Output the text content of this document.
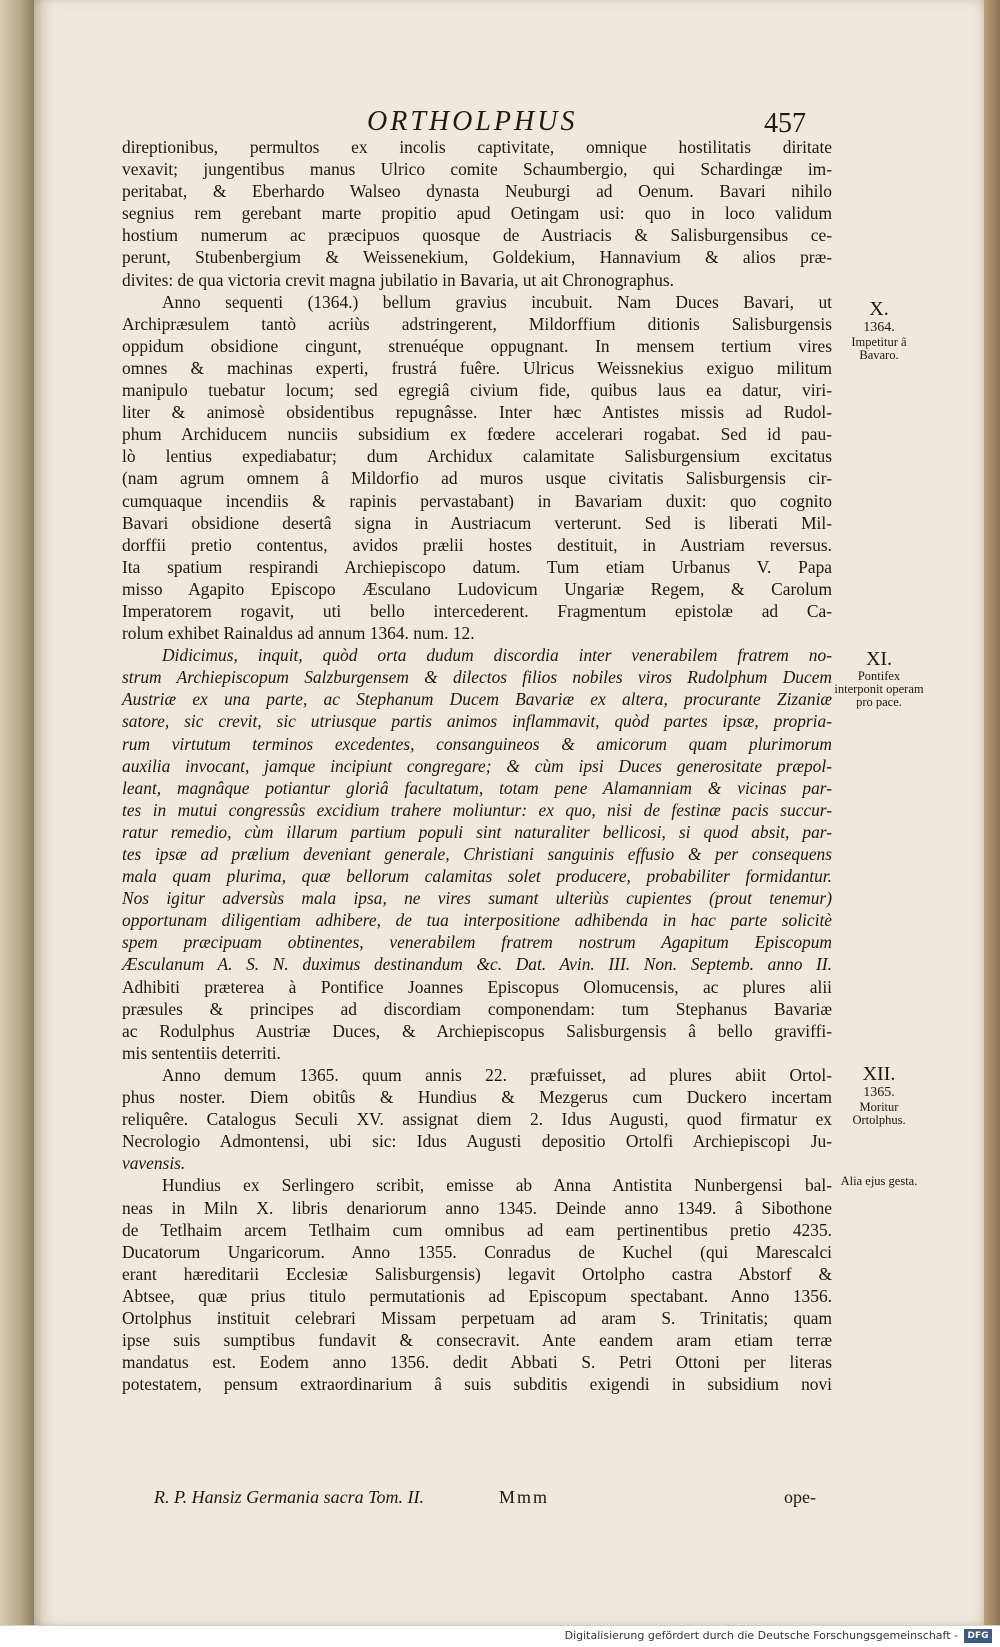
ORTHOLPHUS	457
direptionibus, permultos ex incolis captivitate, omnique hostilitatis diritate
vexavit; jungentibus manus Ulrico comite Schaumbergio, qui Schardingæ im-
peritabat, & Eberhardo Walseo dynasta Neuburgi ad Oenum. Bavari nihilo
segnius rem gerebant marte propitio apud Oetingam usi: quo in loco validum
hostium numerum ac præcipuos quosque de Austriacis & Salisburgensibus ce-
perunt, Stubenbergium & Weissenekium, Goldekium, Hannavium & alios præ-
divites: de qua victoria crevit magna jubilatio in Bavaria, ut ait Chronographus.
Anno sequenti (1364.) bellum gravius incubuit. Nam Duces Bavari, ut
Archipræsulem tantò acriùs adstringerent, Mildorffium ditionis Salisburgensis
oppidum obsidione cingunt, strenuéque oppugnant. In mensem tertium vires
omnes & machinas experti, frustrá fuêre. Ulricus Weissnekius exiguo militum
manipulo tuebatur locum; sed egregiâ civium fide, quibus laus ea datur, viri-
liter & animosè obsidentibus repugnâsse. Inter hæc Antistes missis ad Rudol-
phum Archiducem nunciis subsidium ex fœdere accelerari rogabat. Sed id pau-
lò lentius expediabatur; dum Archidux calamitate Salisburgensium excitatus
(nam agrum omnem â Mildorfio ad muros usque civitatis Salisburgensis cir-
cumquaque incendiis & rapinis pervastabant) in Bavariam duxit: quo cognito
Bavari obsidione desertâ signa in Austriacum verterunt. Sed is liberati Mil-
dorffii pretio contentus, avidos prælii hostes destituit, in Austriam reversus.
Ita spatium respirandi Archiepiscopo datum. Tum etiam Urbanus V. Papa
misso Agapito Episcopo Æsculano Ludovicum Ungariæ Regem, & Carolum
Imperatorem rogavit, uti bello intercederent. Fragmentum epistolæ ad Ca-
rolum exhibet Rainaldus ad annum 1364. num. 12.
Didicimus, inquit, quòd orta dudum discordia inter venerabilem fratrem no-
strum Archiepiscopum Salzburgensem & dilectos filios nobiles viros Rudolphum Ducem
Austriæ ex una parte, ac Stephanum Ducem Bavariæ ex altera, procurante Zizaniæ
satore, sic crevit, sic utriusque partis animos inflammavit, quòd partes ipsæ, propria-
rum virtutum terminos excedentes, consanguineos & amicorum quam plurimorum
auxilia invocant, jamque incipiunt congregare; & cùm ipsi Duces generositate præpol-
leant, magnâque potiantur gloriâ facultatum, totam pene Alamanniam & vicinas par-
tes in mutui congressûs excidium trahere moliuntur: ex quo, nisi de festinæ pacis succur-
ratur remedio, cùm illarum partium populi sint naturaliter bellicosi, si quod absit, par-
tes ipsæ ad prælium deveniant generale, Christiani sanguinis effusio & per consequens
mala quam plurima, quæ bellorum calamitas solet producere, probabiliter formidantur.
Nos igitur adversùs mala ipsa, ne vires sumant ulteriùs cupientes (prout tenemur)
opportunam diligentiam adhibere, de tua interpositione adhibenda in hac parte solicitè
spem præcipuam obtinentes, venerabilem fratrem nostrum Agapitum Episcopum
Æsculanum A. S. N. duximus destinandum &c. Dat. Avin. III. Non. Septemb. anno II.
Adhibiti præterea à Pontifice Joannes Episcopus Olomucensis, ac plures alii
præsules & principes ad discordiam componendam: tum Stephanus Bavariæ
ac Rodulphus Austriæ Duces, & Archiepiscopus Salisburgensis â bello graviffi-
mis sententiis deterriti.
Anno demum 1365. quum annis 22. præfuisset, ad plures abiit Ortol-
phus noster. Diem obitûs & Hundius & Mezgerus cum Duckero incertam
reliquêre. Catalogus Seculi XV. assignat diem 2. Idus Augusti, quod firmatur ex
Necrologio Admontensi, ubi sic: Idus Augusti depositio Ortolfi Archiepiscopi Ju-
vavensis.
Hundius ex Serlingero scribit, emisse ab Anna Antistita Nunbergensi bal-
neas in Miln X. libris denariorum anno 1345. Deinde anno 1349. â Sibothone
de Tetlhaim arcem Tetlhaim cum omnibus ad eam pertinentibus pretio 4235.
Ducatorum Ungaricorum. Anno 1355. Conradus de Kuchel (qui Marescalci
erant hæreditarii Ecclesiæ Salisburgensis) legavit Ortolpho castra Abstorf &
Abtsee, quæ prius titulo permutationis ad Episcopum spectabant. Anno 1356.
Ortolphus instituit celebrari Missam perpetuam ad aram S. Trinitatis; quam
ipse suis sumptibus fundavit & consecravit. Ante eandem aram etiam terræ
mandatus est. Eodem anno 1356. dedit Abbati S. Petri Ottoni per literas
potestatem, pensum extraordinarium â suis subditis exigendi in subsidium novi
X.
1364.
Impetitur â Bavaro.
XI.
Pontifex interponit operam pro pace.
XII.
1365.
Moritur Ortolphus.
Alia ejus gesta.
R. P. Hansiz Germania sacra Tom. II.	Mmm	ope-
Digitalisierung gefördert durch die Deutsche Forschungsgemeinschaft -	DFG
